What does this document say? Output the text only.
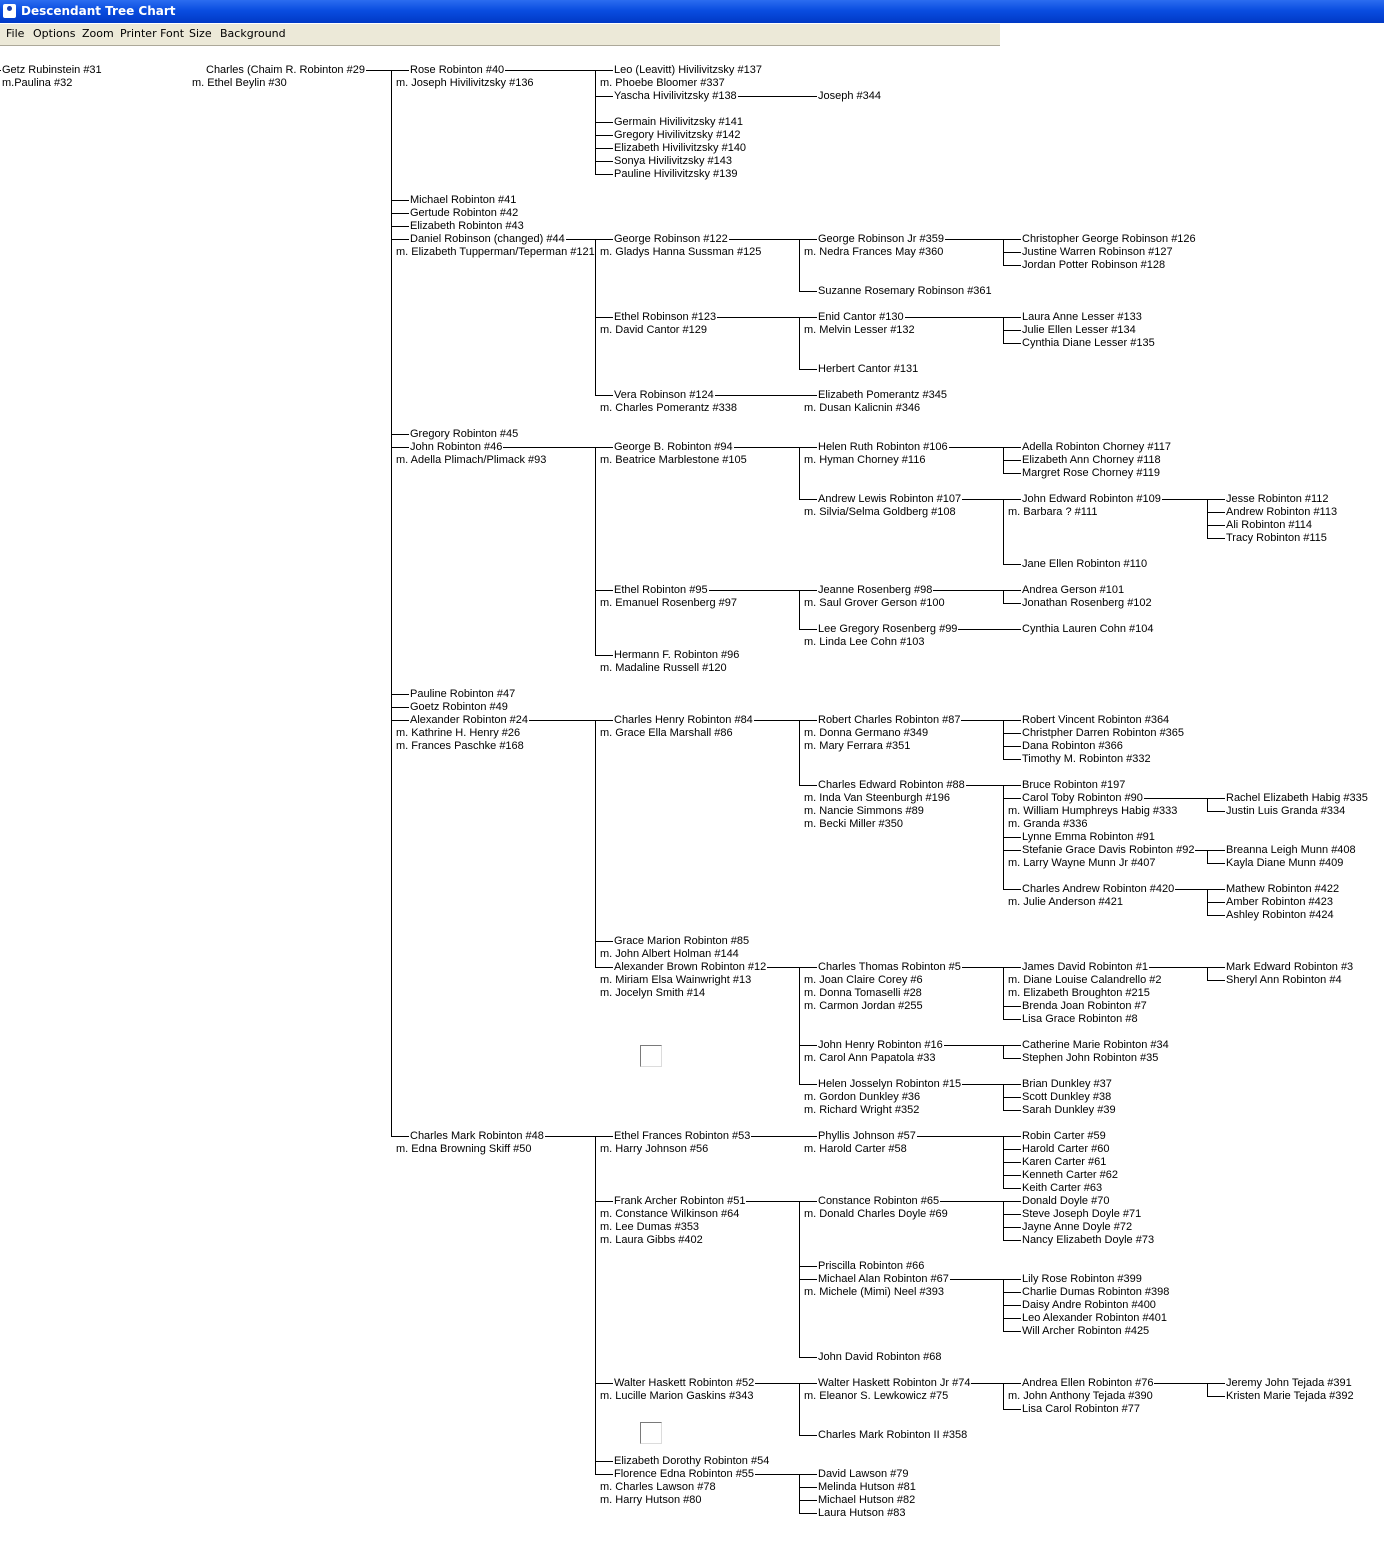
Descendant Tree Chart
File Options Zoom Printer Font Size Background
Getz Rubinstein #31
m.Paulina #32
Charles (Chaim R. Robinton #29
m. Ethel Beylin #30
Rose Robinton #40
m. Joseph Hivilivitzsky #136
Leo (Leavitt) Hivilivitzsky #137
m. Phoebe Bloomer #337
Yascha Hivilivitzsky #138	Joseph #344
Germain Hivilivitzsky #141
Gregory Hivilivitzsky #142
Elizabeth Hivilivitzsky #140
Sonya Hivilivitzsky #143
Pauline Hivilivitzsky #139
Michael Robinton #41
Gertude Robinton #42
Elizabeth Robinton #43
Daniel Robinson (changed) #44
m. Elizabeth Tupperman/Teperman #121
George Robinson #122
m. Gladys Hanna Sussman #125
George Robinson Jr #359
m. Nedra Frances May #360
Christopher George Robinson #126
Justine Warren Robinson #127
Jordan Potter Robinson #128
Suzanne Rosemary Robinson #361
Ethel Robinson #123
m. David Cantor #129
Enid Cantor #130
m. Melvin Lesser #132
Laura Anne Lesser #133
Julie Ellen Lesser #134
Cynthia Diane Lesser #135
Herbert Cantor #131
Vera Robinson #124
m. Charles Pomerantz #338
Elizabeth Pomerantz #345
m. Dusan Kalicnin #346
Gregory Robinton #45
John Robinton #46
m. Adella Plimach/Plimack #93
George B. Robinton #94
m. Beatrice Marblestone #105
Helen Ruth Robinton #106
m. Hyman Chorney #116
Adella Robinton Chorney #117
Elizabeth Ann Chorney #118
Margret Rose Chorney #119
Andrew Lewis Robinton #107
m. Silvia/Selma Goldberg #108
John Edward Robinton #109
m. Barbara ? #111
Jesse Robinton #112
Andrew Robinton #113
Ali Robinton #114
Tracy Robinton #115
Jane Ellen Robinton #110
Ethel Robinton #95
m. Emanuel Rosenberg #97
Jeanne Rosenberg #98
m. Saul Grover Gerson #100
Andrea Gerson #101
Jonathan Rosenberg #102
Lee Gregory Rosenberg #99
m. Linda Lee Cohn #103
Cynthia Lauren Cohn #104
Hermann F. Robinton #96
m. Madaline Russell #120
Pauline Robinton #47
Goetz Robinton #49
Alexander Robinton #24
m. Kathrine H. Henry #26
m. Frances Paschke #168
Charles Henry Robinton #84
m. Grace Ella Marshall #86
Robert Charles Robinton #87
m. Donna Germano #349
m. Mary Ferrara #351
Robert Vincent Robinton #364
Christpher Darren Robinton #365
Dana Robinton #366
Timothy M. Robinton #332
Charles Edward Robinton #88
m. Inda Van Steenburgh #196
m. Nancie Simmons #89
m. Becki Miller #350
Bruce Robinton #197
Carol Toby Robinton #90
m. William Humphreys Habig #333
m. Granda #336
Rachel Elizabeth Habig #335
Justin Luis Granda #334
Lynne Emma Robinton #91
Stefanie Grace Davis Robinton #92
m. Larry Wayne Munn Jr #407
Breanna Leigh Munn #408
Kayla Diane Munn #409
Charles Andrew Robinton #420
m. Julie Anderson #421
Mathew Robinton #422
Amber Robinton #423
Ashley Robinton #424
Grace Marion Robinton #85
m. John Albert Holman #144
Alexander Brown Robinton #12
m. Miriam Elsa Wainwright #13
m. Jocelyn Smith #14
Charles Thomas Robinton #5
m. Joan Claire Corey #6
m. Donna Tomaselli #28
m. Carmon Jordan #255
James David Robinton #1
m. Diane Louise Calandrello #2
m. Elizabeth Broughton #215
Mark Edward Robinton #3
Sheryl Ann Robinton #4
Brenda Joan Robinton #7
Lisa Grace Robinton #8
John Henry Robinton #16
m. Carol Ann Papatola #33
Catherine Marie Robinton #34
Stephen John Robinton #35
Helen Josselyn Robinton #15
m. Gordon Dunkley #36
m. Richard Wright #352
Brian Dunkley #37
Scott Dunkley #38
Sarah Dunkley #39
Charles Mark Robinton #48
m. Edna Browning Skiff #50
Ethel Frances Robinton #53
m. Harry Johnson #56
Phyllis Johnson #57
m. Harold Carter #58
Robin Carter #59
Harold Carter #60
Karen Carter #61
Kenneth Carter #62
Keith Carter #63
Frank Archer Robinton #51
m. Constance Wilkinson #64
m. Lee Dumas #353
m. Laura Gibbs #402
Constance Robinton #65
m. Donald Charles Doyle #69
Donald Doyle #70
Steve Joseph Doyle #71
Jayne Anne Doyle #72
Nancy Elizabeth Doyle #73
Priscilla Robinton #66
Michael Alan Robinton #67
m. Michele (Mimi) Neel #393
Lily Rose Robinton #399
Charlie Dumas Robinton #398
Daisy Andre Robinton #400
Leo Alexander Robinton #401
Will Archer Robinton #425
John David Robinton #68
Walter Haskett Robinton #52
m. Lucille Marion Gaskins #343
Walter Haskett Robinton Jr #74
m. Eleanor S. Lewkowicz #75
Andrea Ellen Robinton #76
m. John Anthony Tejada #390
Jeremy John Tejada #391
Kristen Marie Tejada #392
Lisa Carol Robinton #77
Charles Mark Robinton II #358
Elizabeth Dorothy Robinton #54
Florence Edna Robinton #55
m. Charles Lawson #78
m. Harry Hutson #80
David Lawson #79
Melinda Hutson #81
Michael Hutson #82
Laura Hutson #83
